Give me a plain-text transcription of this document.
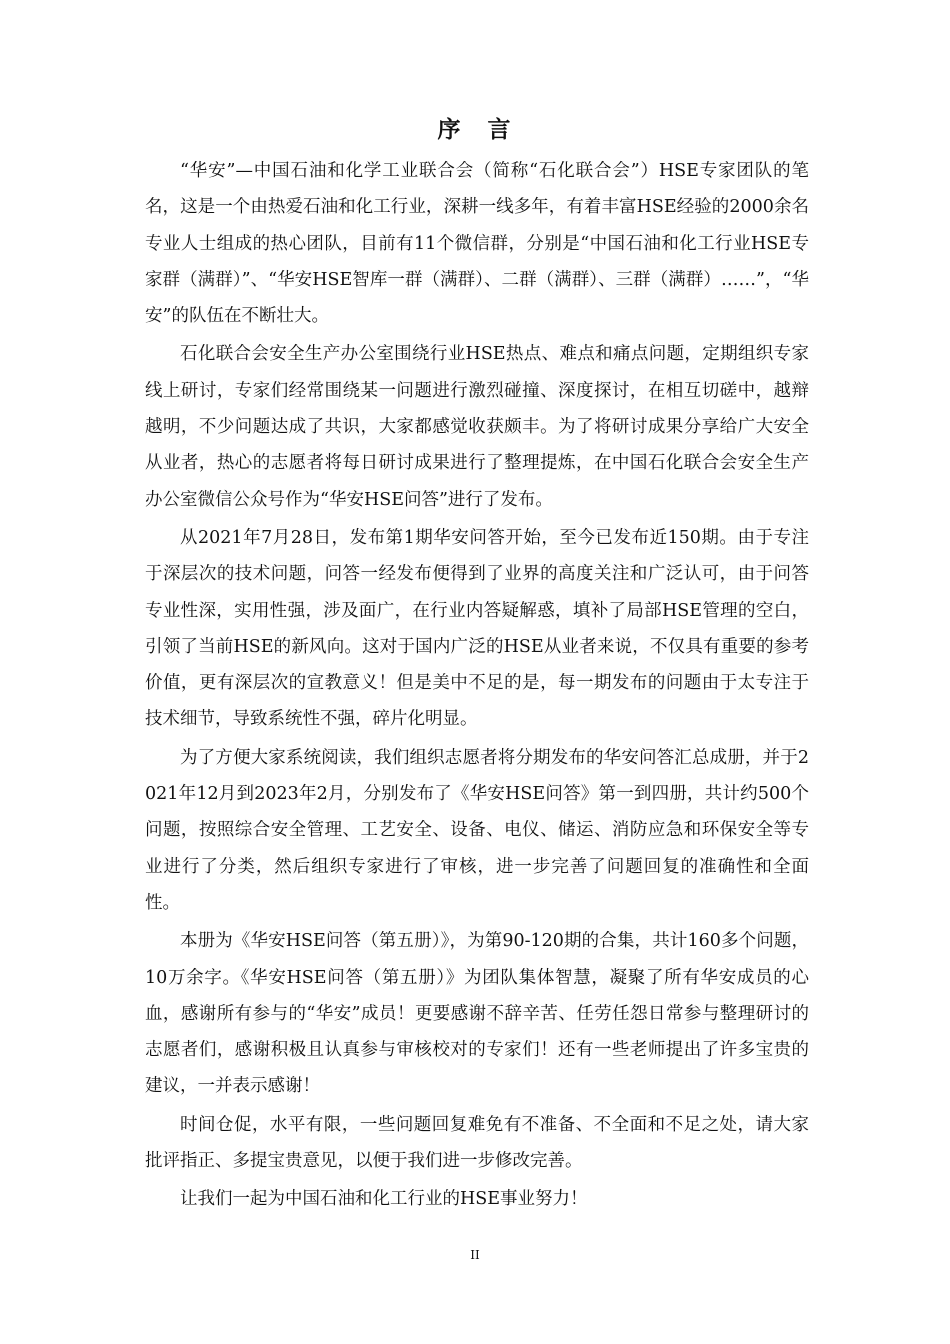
序　言

“华安”—中国石油和化学工业联合会（简称“石化联合会”）HSE专家团队的笔名，这是一个由热爱石油和化工行业，深耕一线多年，有着丰富HSE经验的2000余名专业人士组成的热心团队，目前有11个微信群，分别是“中国石油和化工行业HSE专家群（满群）”、“华安HSE智库一群（满群）、二群（满群）、三群（满群）……”，“华安”的队伍在不断壮大。

石化联合会安全生产办公室围绕行业HSE热点、难点和痛点问题，定期组织专家线上研讨，专家们经常围绕某一问题进行激烈碰撞、深度探讨，在相互切磋中，越辩越明，不少问题达成了共识，大家都感觉收获颇丰。为了将研讨成果分享给广大安全从业者，热心的志愿者将每日研讨成果进行了整理提炼，在中国石化联合会安全生产办公室微信公众号作为“华安HSE问答”进行了发布。

从2021年7月28日，发布第1期华安问答开始，至今已发布近150期。由于专注于深层次的技术问题，问答一经发布便得到了业界的高度关注和广泛认可，由于问答专业性深，实用性强，涉及面广，在行业内答疑解惑，填补了局部HSE管理的空白，引领了当前HSE的新风向。这对于国内广泛的HSE从业者来说，不仅具有重要的参考价值，更有深层次的宣教意义！但是美中不足的是，每一期发布的问题由于太专注于技术细节，导致系统性不强，碎片化明显。

为了方便大家系统阅读，我们组织志愿者将分期发布的华安问答汇总成册，并于2021年12月到2023年2月，分别发布了《华安HSE问答》第一到四册，共计约500个问题，按照综合安全管理、工艺安全、设备、电仪、储运、消防应急和环保安全等专业进行了分类，然后组织专家进行了审核，进一步完善了问题回复的准确性和全面性。

本册为《华安HSE问答（第五册）》，为第90-120期的合集，共计160多个问题，10万余字。《华安HSE问答（第五册）》为团队集体智慧，凝聚了所有华安成员的心血，感谢所有参与的“华安”成员！更要感谢不辞辛苦、任劳任怨日常参与整理研讨的志愿者们，感谢积极且认真参与审核校对的专家们！还有一些老师提出了许多宝贵的建议，一并表示感谢！

时间仓促，水平有限，一些问题回复难免有不准备、不全面和不足之处，请大家批评指正、多提宝贵意见，以便于我们进一步修改完善。

让我们一起为中国石油和化工行业的HSE事业努力！

II
